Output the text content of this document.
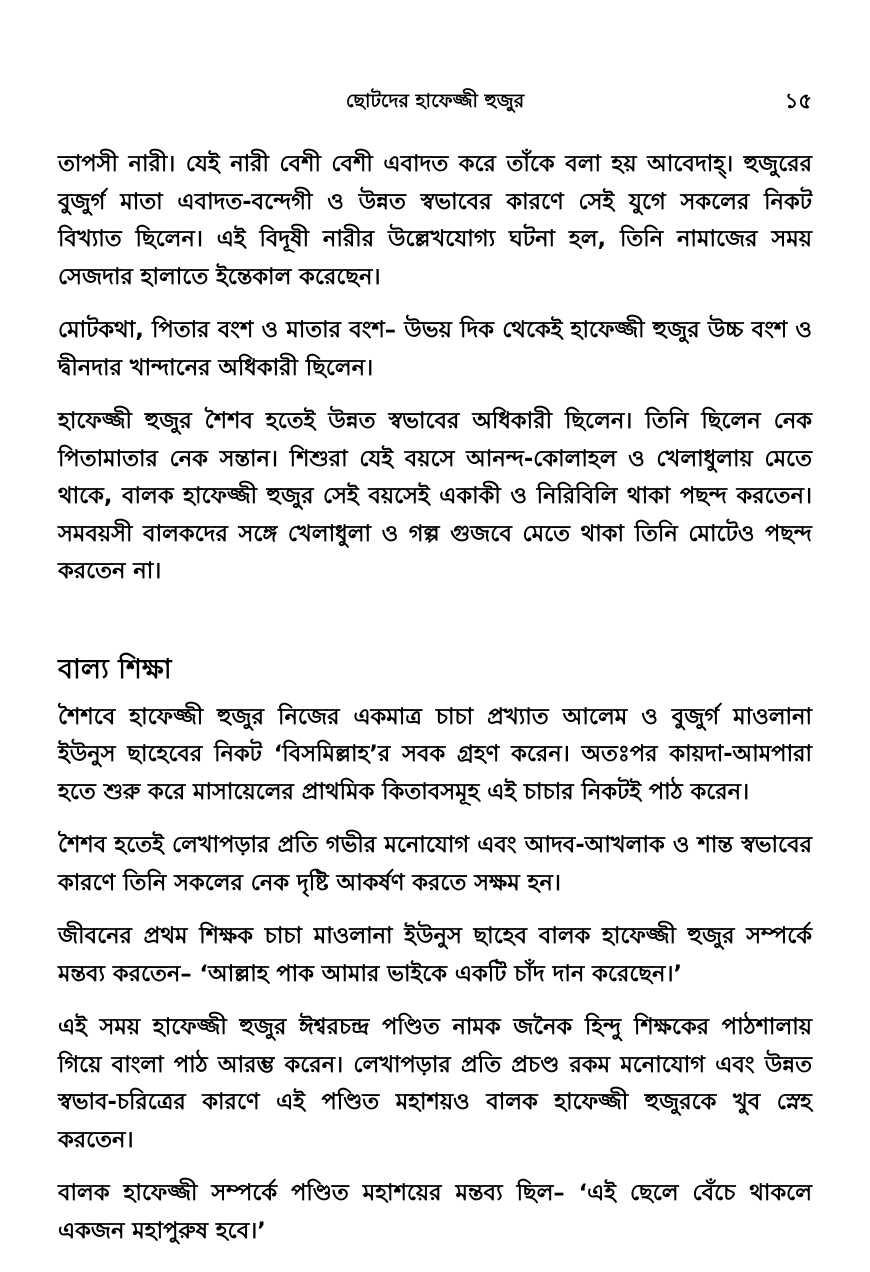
ছোটদের হাফেজ্জী হুজুর	১৫

তাপসী নারী। যেই নারী বেশী বেশী এবাদত করে তাঁকে বলা হয় আবেদাহ্। হুজুরের বুজুর্গ মাতা এবাদত-বন্দেগী ও উন্নত স্বভাবের কারণে সেই যুগে সকলের নিকট বিখ্যাত ছিলেন। এই বিদূষী নারীর উল্লেখযোগ্য ঘটনা হল, তিনি নামাজের সময় সেজদার হালাতে ইন্তেকাল করেছেন।

মোটকথা, পিতার বংশ ও মাতার বংশ– উভয় দিক থেকেই হাফেজ্জী হুজুর উচ্চ বংশ ও দ্বীনদার খান্দানের অধিকারী ছিলেন।

হাফেজ্জী হুজুর শৈশব হতেই উন্নত স্বভাবের অধিকারী ছিলেন। তিনি ছিলেন নেক পিতামাতার নেক সন্তান। শিশুরা যেই বয়সে আনন্দ-কোলাহল ও খেলাধুলায় মেতে থাকে, বালক হাফেজ্জী হুজুর সেই বয়সেই একাকী ও নিরিবিলি থাকা পছন্দ করতেন। সমবয়সী বালকদের সঙ্গে খেলাধুলা ও গল্প গুজবে মেতে থাকা তিনি মোটেও পছন্দ করতেন না।

বাল্য শিক্ষা

শৈশবে হাফেজ্জী হুজুর নিজের একমাত্র চাচা প্রখ্যাত আলেম ও বুজুর্গ মাওলানা ইউনুস ছাহেবের নিকট ‘বিসমিল্লাহ’র সবক গ্রহণ করেন। অতঃপর কায়দা-আমপারা হতে শুরু করে মাসায়েলের প্রাথমিক কিতাবসমূহ এই চাচার নিকটই পাঠ করেন।

শৈশব হতেই লেখাপড়ার প্রতি গভীর মনোযোগ এবং আদব-আখলাক ও শান্ত স্বভাবের কারণে তিনি সকলের নেক দৃষ্টি আকর্ষণ করতে সক্ষম হন।

জীবনের প্রথম শিক্ষক চাচা মাওলানা ইউনুস ছাহেব বালক হাফেজ্জী হুজুর সম্পর্কে মন্তব্য করতেন– ‘আল্লাহ পাক আমার ভাইকে একটি চাঁদ দান করেছেন।’

এই সময় হাফেজ্জী হুজুর ঈশ্বরচন্দ্র পণ্ডিত নামক জনৈক হিন্দু শিক্ষকের পাঠশালায় গিয়ে বাংলা পাঠ আরম্ভ করেন। লেখাপড়ার প্রতি প্রচণ্ড রকম মনোযোগ এবং উন্নত স্বভাব-চরিত্রের কারণে এই পণ্ডিত মহাশয়ও বালক হাফেজ্জী হুজুরকে খুব স্নেহ করতেন।

বালক হাফেজ্জী সম্পর্কে পণ্ডিত মহাশয়ের মন্তব্য ছিল– ‘এই ছেলে বেঁচে থাকলে একজন মহাপুরুষ হবে।’
